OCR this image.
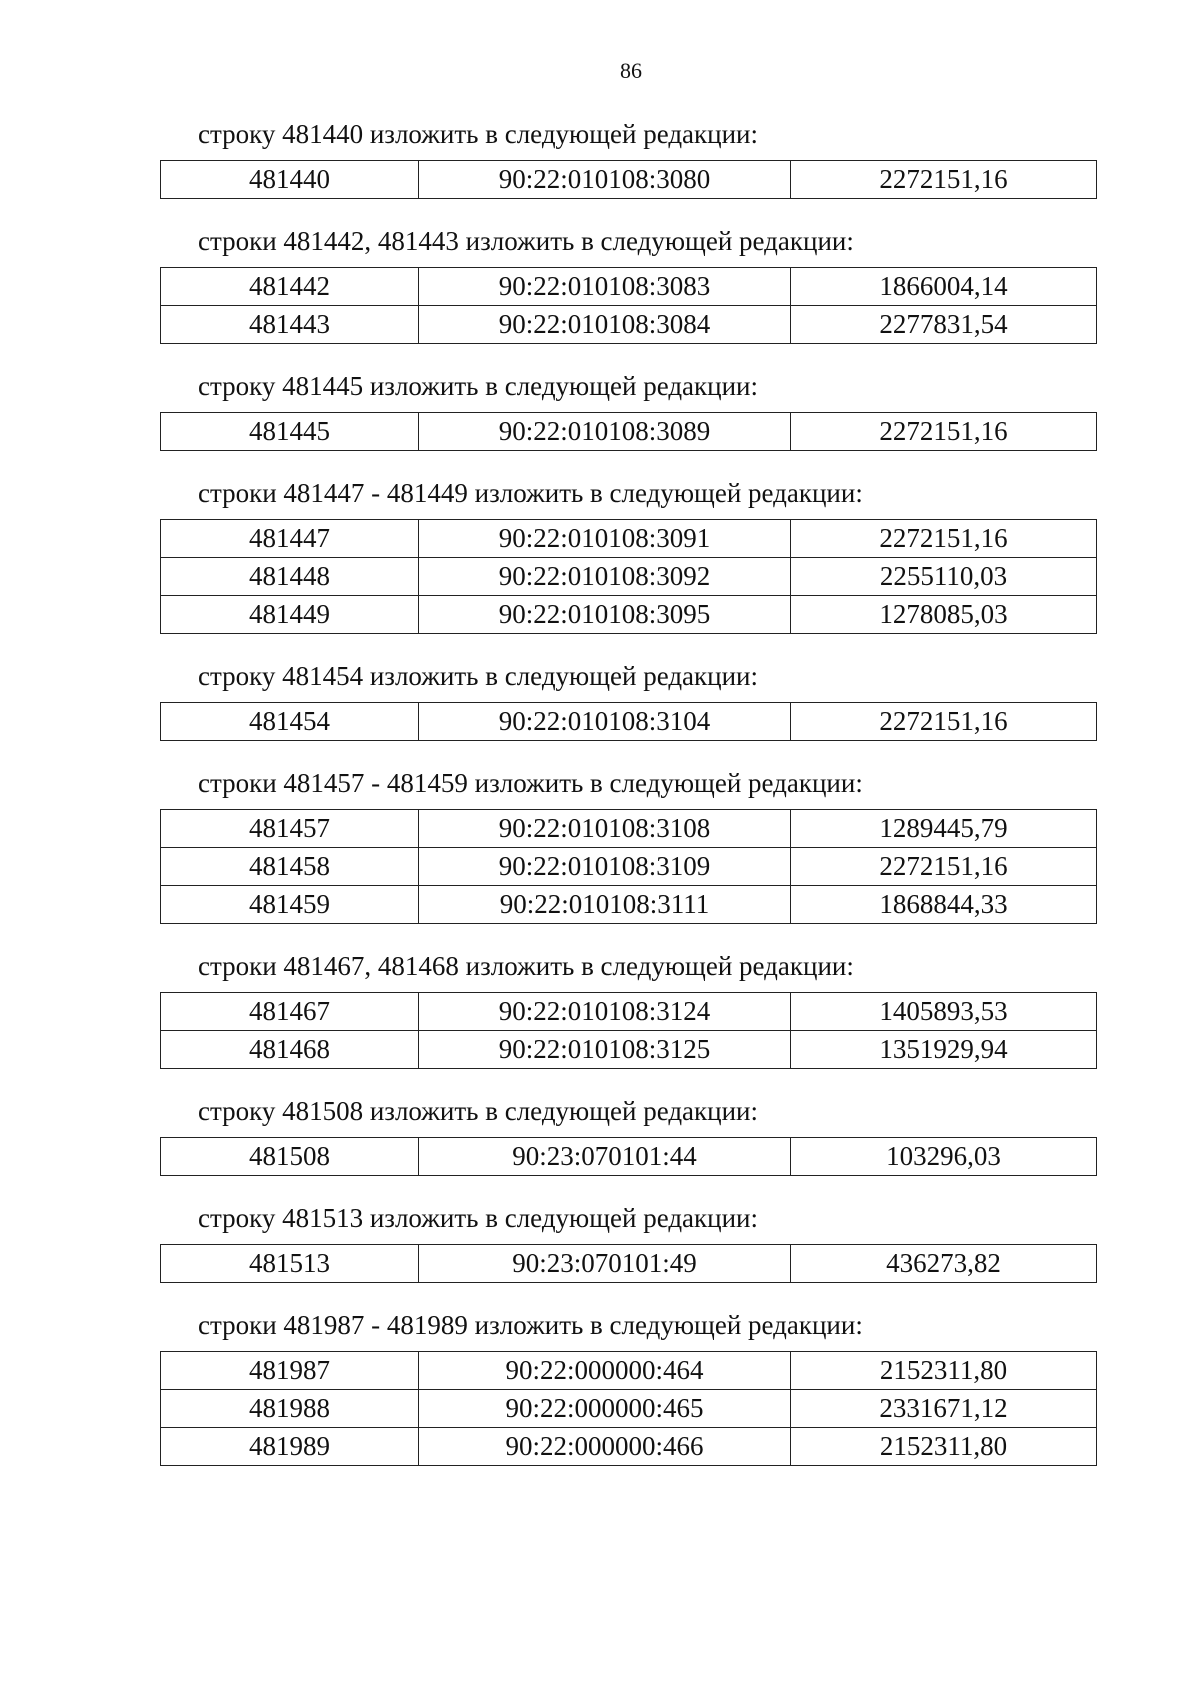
86

строку 481440 изложить в следующей редакции:

481440	90:22:010108:3080	2272151,16

строки 481442, 481443 изложить в следующей редакции:

481442	90:22:010108:3083	1866004,14
481443	90:22:010108:3084	2277831,54

строку 481445 изложить в следующей редакции:

481445	90:22:010108:3089	2272151,16

строки 481447 - 481449 изложить в следующей редакции:

481447	90:22:010108:3091	2272151,16
481448	90:22:010108:3092	2255110,03
481449	90:22:010108:3095	1278085,03

строку 481454 изложить в следующей редакции:

481454	90:22:010108:3104	2272151,16

строки 481457 - 481459 изложить в следующей редакции:

481457	90:22:010108:3108	1289445,79
481458	90:22:010108:3109	2272151,16
481459	90:22:010108:3111	1868844,33

строки 481467, 481468 изложить в следующей редакции:

481467	90:22:010108:3124	1405893,53
481468	90:22:010108:3125	1351929,94

строку 481508 изложить в следующей редакции:

481508	90:23:070101:44	103296,03

строку 481513 изложить в следующей редакции:

481513	90:23:070101:49	436273,82

строки 481987 - 481989 изложить в следующей редакции:

481987	90:22:000000:464	2152311,80
481988	90:22:000000:465	2331671,12
481989	90:22:000000:466	2152311,80
